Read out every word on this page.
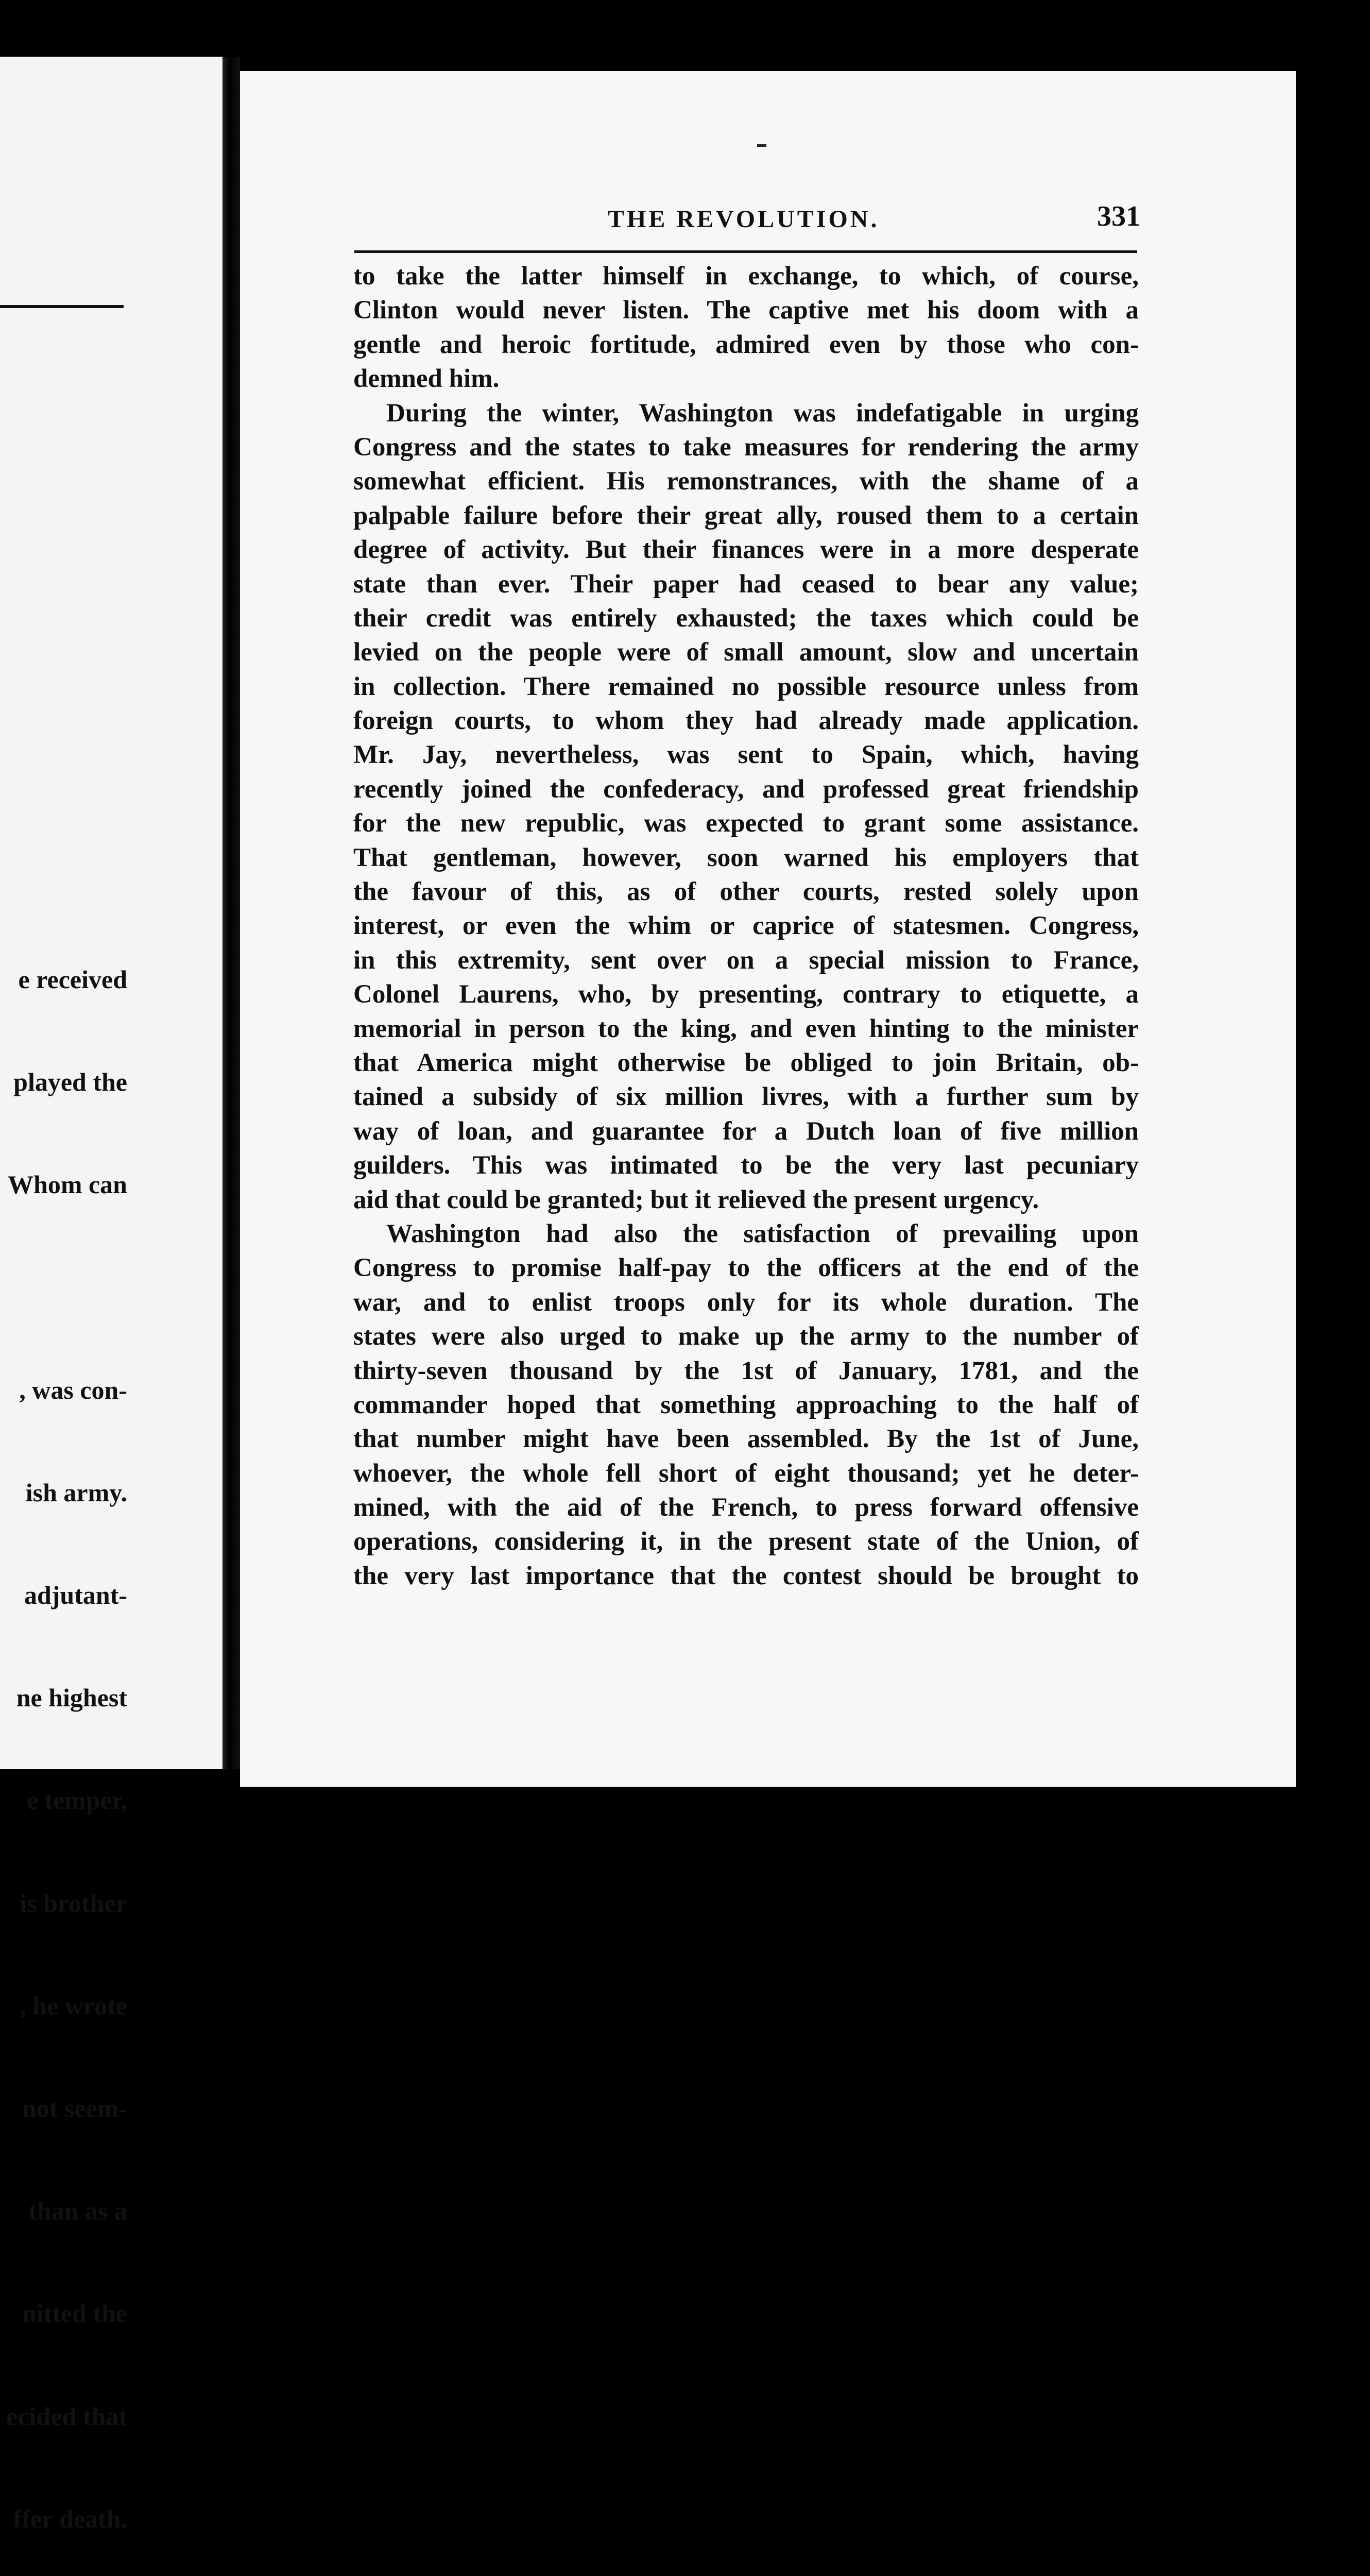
e received

played the

Whom can

, was con-

ish army.

adjutant-

ne highest

e temper,

is brother

, he wrote

not seem-

than as a

nitted the

ecided that

ffer death.

THE REVOLUTION.	331
to take the latter himself in exchange, to which, of course,
Clinton would never listen. The captive met his doom with a
gentle and heroic fortitude, admired even by those who con-
demned him.
During the winter, Washington was indefatigable in urging
Congress and the states to take measures for rendering the army
somewhat efficient. His remonstrances, with the shame of a
palpable failure before their great ally, roused them to a certain
degree of activity. But their finances were in a more desperate
state than ever. Their paper had ceased to bear any value;
their credit was entirely exhausted; the taxes which could be
levied on the people were of small amount, slow and uncertain
in collection. There remained no possible resource unless from
foreign courts, to whom they had already made application.
Mr. Jay, nevertheless, was sent to Spain, which, having
recently joined the confederacy, and professed great friendship
for the new republic, was expected to grant some assistance.
That gentleman, however, soon warned his employers that
the favour of this, as of other courts, rested solely upon
interest, or even the whim or caprice of statesmen. Congress,
in this extremity, sent over on a special mission to France,
Colonel Laurens, who, by presenting, contrary to etiquette, a
memorial in person to the king, and even hinting to the minister
that America might otherwise be obliged to join Britain, ob-
tained a subsidy of six million livres, with a further sum by
way of loan, and guarantee for a Dutch loan of five million
guilders. This was intimated to be the very last pecuniary
aid that could be granted; but it relieved the present urgency.
Washington had also the satisfaction of prevailing upon
Congress to promise half-pay to the officers at the end of the
war, and to enlist troops only for its whole duration. The
states were also urged to make up the army to the number of
thirty-seven thousand by the 1st of January, 1781, and the
commander hoped that something approaching to the half of
that number might have been assembled. By the 1st of June,
whoever, the whole fell short of eight thousand; yet he deter-
mined, with the aid of the French, to press forward offensive
operations, considering it, in the present state of the Union, of
the very last importance that the contest should be brought to
